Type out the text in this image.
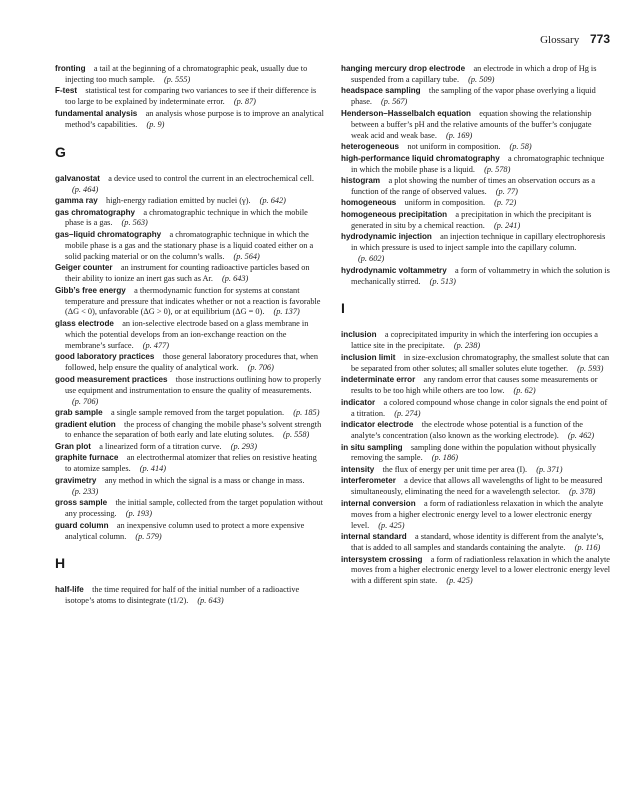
Glossary 773

fronting  a tail at the beginning of a chromatographic peak, usually due to injecting too much sample. (p. 555)

F-test  statistical test for comparing two variances to see if their difference is too large to be explained by indeterminate error. (p. 87)

fundamental analysis  an analysis whose purpose is to improve an analytical method’s capabilities. (p. 9)

G

galvanostat  a device used to control the current in an electrochemical cell. (p. 464)

gamma ray  high-energy radiation emitted by nuclei (γ). (p. 642)

gas chromatography  a chromatographic technique in which the mobile phase is a gas. (p. 563)

gas–liquid chromatography  a chromatographic technique in which the mobile phase is a gas and the stationary phase is a liquid coated either on a solid packing material or on the column’s walls. (p. 564)

Geiger counter  an instrument for counting radioactive particles based on their ability to ionize an inert gas such as Ar. (p. 643)

Gibb’s free energy  a thermodynamic function for systems at constant temperature and pressure that indicates whether or not a reaction is favorable (ΔG < 0), unfavorable (ΔG > 0), or at equilibrium (ΔG = 0). (p. 137)

glass electrode  an ion-selective electrode based on a glass membrane in which the potential develops from an ion-exchange reaction on the membrane’s surface. (p. 477)

good laboratory practices  those general laboratory procedures that, when followed, help ensure the quality of analytical work. (p. 706)

good measurement practices  those instructions outlining how to properly use equipment and instrumentation to ensure the quality of measurements. (p. 706)

grab sample  a single sample removed from the target population. (p. 185)

gradient elution  the process of changing the mobile phase’s solvent strength to enhance the separation of both early and late eluting solutes. (p. 558)

Gran plot  a linearized form of a titration curve. (p. 293)

graphite furnace  an electrothermal atomizer that relies on resistive heating to atomize samples. (p. 414)

gravimetry  any method in which the signal is a mass or change in mass. (p. 233)

gross sample  the initial sample, collected from the target population without any processing. (p. 193)

guard column  an inexpensive column used to protect a more expensive analytical column. (p. 579)

H

half-life  the time required for half of the initial number of a radioactive isotope’s atoms to disintegrate (t1/2). (p. 643)

hanging mercury drop electrode  an electrode in which a drop of Hg is suspended from a capillary tube. (p. 509)

headspace sampling  the sampling of the vapor phase overlying a liquid phase. (p. 567)

Henderson–Hasselbalch equation  equation showing the relationship between a buffer’s pH and the relative amounts of the buffer’s conjugate weak acid and weak base. (p. 169)

heterogeneous  not uniform in composition. (p. 58)

high-performance liquid chromatography  a chromatographic technique in which the mobile phase is a liquid. (p. 578)

histogram  a plot showing the number of times an observation occurs as a function of the range of observed values. (p. 77)

homogeneous  uniform in composition. (p. 72)

homogeneous precipitation  a precipitation in which the precipitant is generated in situ by a chemical reaction. (p. 241)

hydrodynamic injection  an injection technique in capillary electrophoresis in which pressure is used to inject sample into the capillary column. (p. 602)

hydrodynamic voltammetry  a form of voltammetry in which the solution is mechanically stirred. (p. 513)

I

inclusion  a coprecipitated impurity in which the interfering ion occupies a lattice site in the precipitate. (p. 238)

inclusion limit  in size-exclusion chromatography, the smallest solute that can be separated from other solutes; all smaller solutes elute together. (p. 593)

indeterminate error  any random error that causes some measurements or results to be too high while others are too low. (p. 62)

indicator  a colored compound whose change in color signals the end point of a titration. (p. 274)

indicator electrode  the electrode whose potential is a function of the analyte’s concentration (also known as the working electrode). (p. 462)

in situ sampling  sampling done within the population without physically removing the sample. (p. 186)

intensity  the flux of energy per unit time per area (I). (p. 371)

interferometer  a device that allows all wavelengths of light to be measured simultaneously, eliminating the need for a wavelength selector. (p. 378)

internal conversion  a form of radiationless relaxation in which the analyte moves from a higher electronic energy level to a lower electronic energy level. (p. 425)

internal standard  a standard, whose identity is different from the analyte’s, that is added to all samples and standards containing the analyte. (p. 116)

intersystem crossing  a form of radiationless relaxation in which the analyte moves from a higher electronic energy level to a lower electronic energy level with a different spin state. (p. 425)
